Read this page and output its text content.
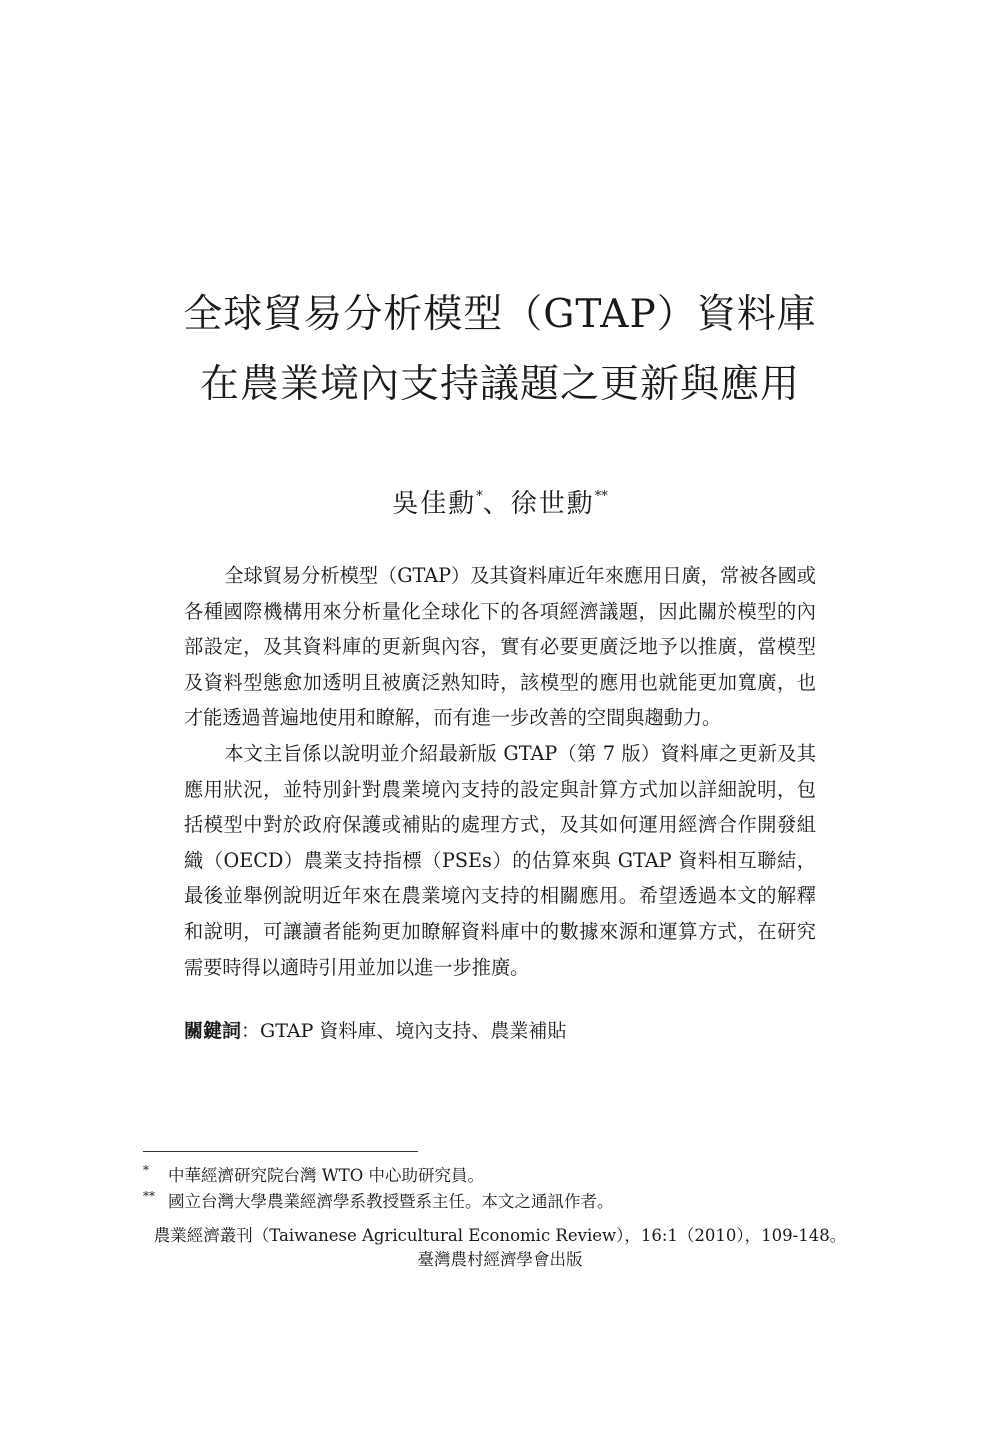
全球貿易分析模型（GTAP）資料庫
在農業境內支持議題之更新與應用
吳佳勳*、徐世勳**

全球貿易分析模型（GTAP）及其資料庫近年來應用日廣，常被各國或各種國際機構用來分析量化全球化下的各項經濟議題，因此關於模型的內部設定，及其資料庫的更新與內容，實有必要更廣泛地予以推廣，當模型及資料型態愈加透明且被廣泛熟知時，該模型的應用也就能更加寬廣，也才能透過普遍地使用和瞭解，而有進一步改善的空間與趨動力。

本文主旨係以說明並介紹最新版 GTAP（第 7 版）資料庫之更新及其應用狀況，並特別針對農業境內支持的設定與計算方式加以詳細說明，包括模型中對於政府保護或補貼的處理方式，及其如何運用經濟合作開發組織（OECD）農業支持指標（PSEs）的估算來與 GTAP 資料相互聯結，最後並舉例說明近年來在農業境內支持的相關應用。希望透過本文的解釋和說明，可讓讀者能夠更加瞭解資料庫中的數據來源和運算方式，在研究需要時得以適時引用並加以進一步推廣。

關鍵詞：GTAP 資料庫、境內支持、農業補貼
* 中華經濟研究院台灣 WTO 中心助研究員。
** 國立台灣大學農業經濟學系教授暨系主任。本文之通訊作者。
農業經濟叢刊（Taiwanese Agricultural Economic Review），16:1（2010），109-148。
臺灣農村經濟學會出版
